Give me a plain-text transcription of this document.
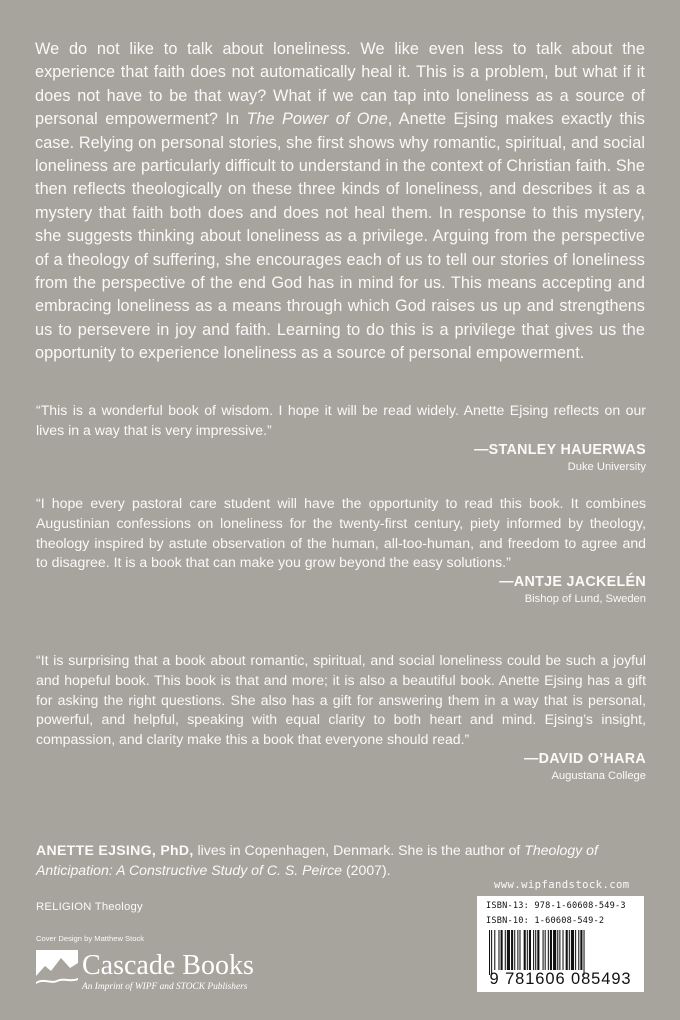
We do not like to talk about loneliness. We like even less to talk about the experience that faith does not automatically heal it. This is a problem, but what if it does not have to be that way? What if we can tap into loneliness as a source of personal empowerment? In The Power of One, Anette Ejsing makes exactly this case. Relying on personal stories, she first shows why romantic, spiritual, and social loneliness are particularly difficult to understand in the context of Christian faith. She then reflects theologically on these three kinds of loneliness, and describes it as a mystery that faith both does and does not heal them. In response to this mystery, she suggests thinking about loneliness as a privilege. Arguing from the perspective of a theology of suffering, she encourages each of us to tell our stories of loneliness from the perspective of the end God has in mind for us. This means accepting and embracing loneliness as a means through which God raises us up and strengthens us to persevere in joy and faith. Learning to do this is a privilege that gives us the opportunity to experience loneliness as a source of personal empowerment.
“This is a wonderful book of wisdom. I hope it will be read widely. Anette Ejsing reflects on our lives in a way that is very impressive.”
—STANLEY HAUERWAS
Duke University
“I hope every pastoral care student will have the opportunity to read this book. It combines Augustinian confessions on loneliness for the twenty-first century, piety informed by theology, theology inspired by astute observation of the human, all-too-human, and freedom to agree and to disagree. It is a book that can make you grow beyond the easy solutions.”
—ANTJE JACKELÉN
Bishop of Lund, Sweden
“It is surprising that a book about romantic, spiritual, and social loneliness could be such a joyful and hopeful book. This book is that and more; it is also a beautiful book. Anette Ejsing has a gift for asking the right questions. She also has a gift for answering them in a way that is personal, powerful, and helpful, speaking with equal clarity to both heart and mind. Ejsing’s insight, compassion, and clarity make this a book that everyone should read.”
—DAVID O’HARA
Augustana College
ANETTE EJSING, PhD, lives in Copenhagen, Denmark. She is the author of Theology of Anticipation: A Constructive Study of C. S. Peirce (2007).
RELIGION Theology
Cover Design by Matthew Stock
Cascade Books
An Imprint of WIPF and STOCK Publishers
www.wipfandstock.com
ISBN-13: 978-1-60608-549-3
ISBN-10: 1-60608-549-2
9 781606 085493
